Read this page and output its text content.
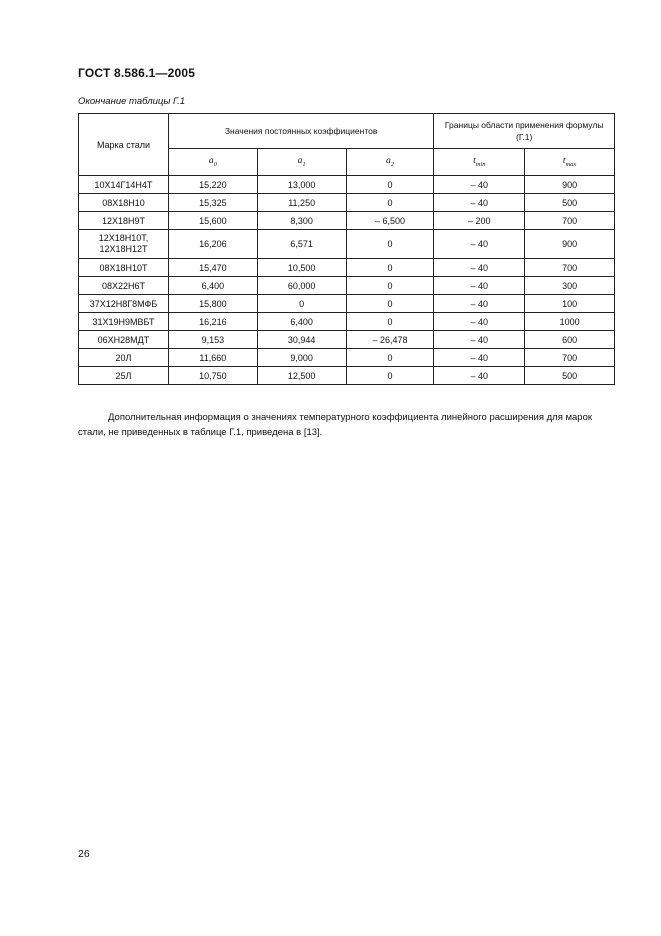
ГОСТ 8.586.1—2005
Окончание таблицы Г.1
Марка стали	Значения постоянных коэффициентов			Границы области применения формулы (Г.1)	
	$a_0$	$a_1$	$a_2$	$t_{min}$	$t_{max}$
10Х14Г14Н4Т	15,220	13,000	0	– 40	900
08Х18Н10	15,325	11,250	0	– 40	500
12Х18Н9Т	15,600	8,300	– 6,500	– 200	700
12Х18Н10Т,
12Х18Н12Т	16,206	6,571	0	– 40	900
08Х18Н10Т	15,470	10,500	0	– 40	700
08Х22Н6Т	6,400	60,000	0	– 40	300
37Х12Н8Г8МФБ	15,800	0	0	– 40	100
31Х19Н9МВБТ	16,216	6,400	0	– 40	1000
06ХН28МДТ	9,153	30,944	– 26,478	– 40	600
20Л	11,660	9,000	0	– 40	700
25Л	10,750	12,500	0	– 40	500

Дополнительная информация о значениях температурного коэффициента линейного расширения для марок стали, не приведенных в таблице Г.1, приведена в [13].

26
